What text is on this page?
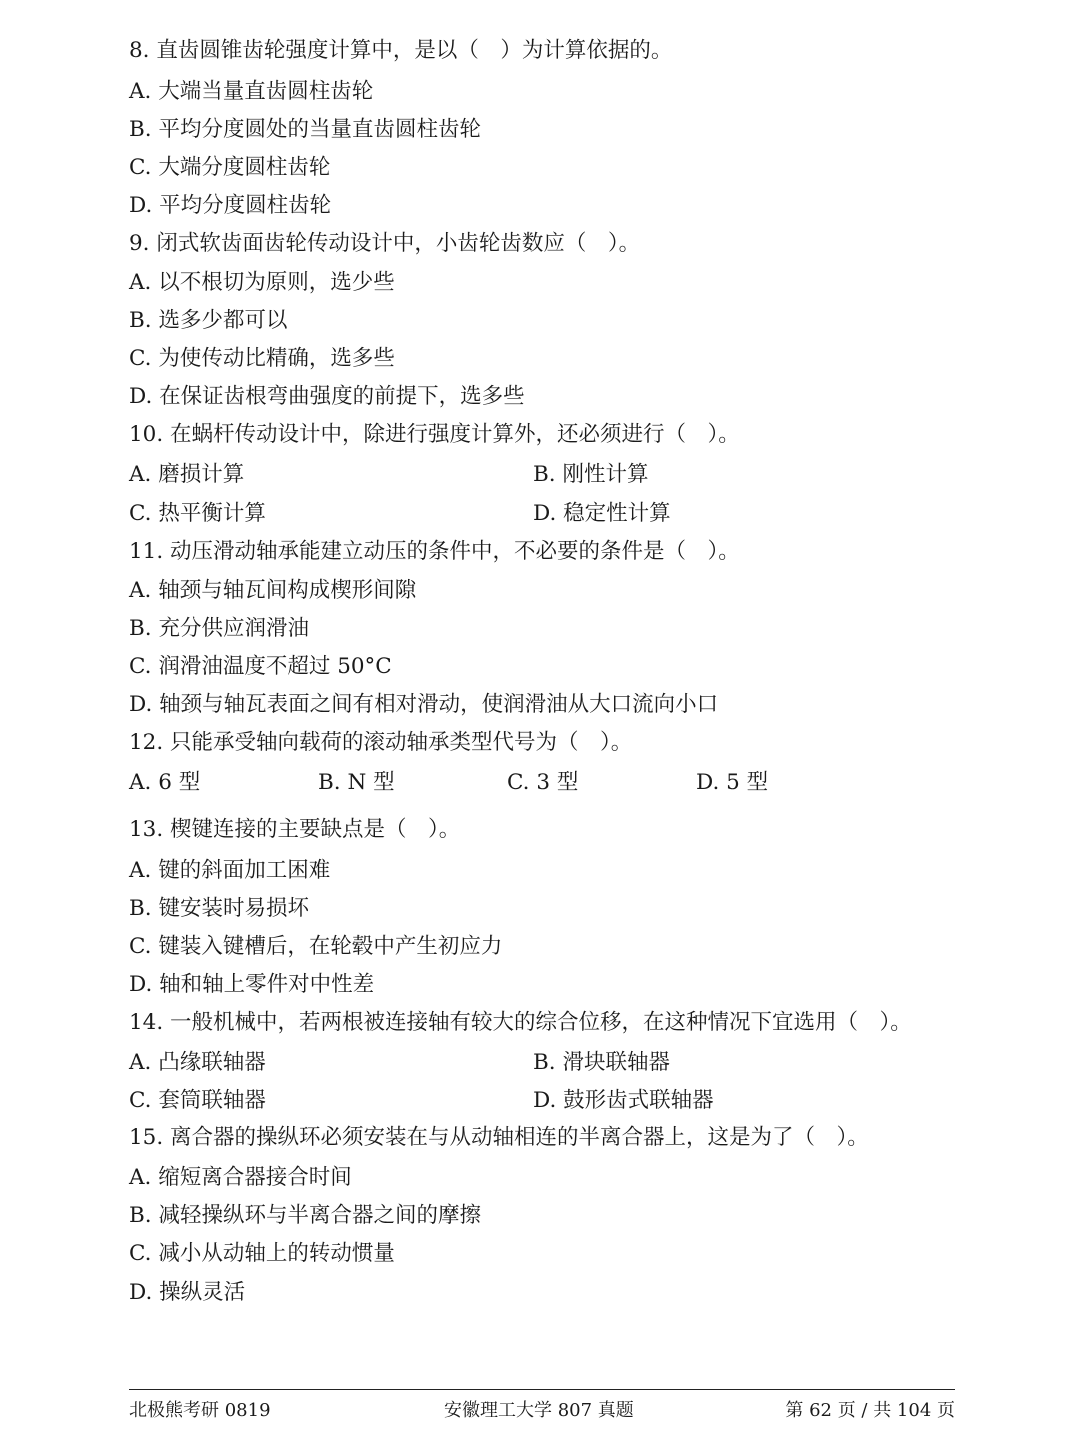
8. 直齿圆锥齿轮强度计算中，是以（　）为计算依据的。
A. 大端当量直齿圆柱齿轮
B. 平均分度圆处的当量直齿圆柱齿轮
C. 大端分度圆柱齿轮
D. 平均分度圆柱齿轮
9. 闭式软齿面齿轮传动设计中，小齿轮齿数应（　）。
A. 以不根切为原则，选少些
B. 选多少都可以
C. 为使传动比精确，选多些
D. 在保证齿根弯曲强度的前提下，选多些
10. 在蜗杆传动设计中，除进行强度计算外，还必须进行（　）。
A. 磨损计算	B. 刚性计算
C. 热平衡计算	D. 稳定性计算
11. 动压滑动轴承能建立动压的条件中，不必要的条件是（　）。
A. 轴颈与轴瓦间构成楔形间隙
B. 充分供应润滑油
C. 润滑油温度不超过 50°C
D. 轴颈与轴瓦表面之间有相对滑动，使润滑油从大口流向小口
12. 只能承受轴向载荷的滚动轴承类型代号为（　）。
A. 6 型	B. N 型	C. 3 型	D. 5 型
13. 楔键连接的主要缺点是（　）。
A. 键的斜面加工困难
B. 键安装时易损坏
C. 键装入键槽后，在轮毂中产生初应力
D. 轴和轴上零件对中性差
14. 一般机械中，若两根被连接轴有较大的综合位移，在这种情况下宜选用（　）。
A. 凸缘联轴器	B. 滑块联轴器
C. 套筒联轴器	D. 鼓形齿式联轴器
15. 离合器的操纵环必须安装在与从动轴相连的半离合器上，这是为了（　）。
A. 缩短离合器接合时间
B. 减轻操纵环与半离合器之间的摩擦
C. 减小从动轴上的转动惯量
D. 操纵灵活
北极熊考研 0819	安徽理工大学 807 真题	第 62 页 / 共 104 页
